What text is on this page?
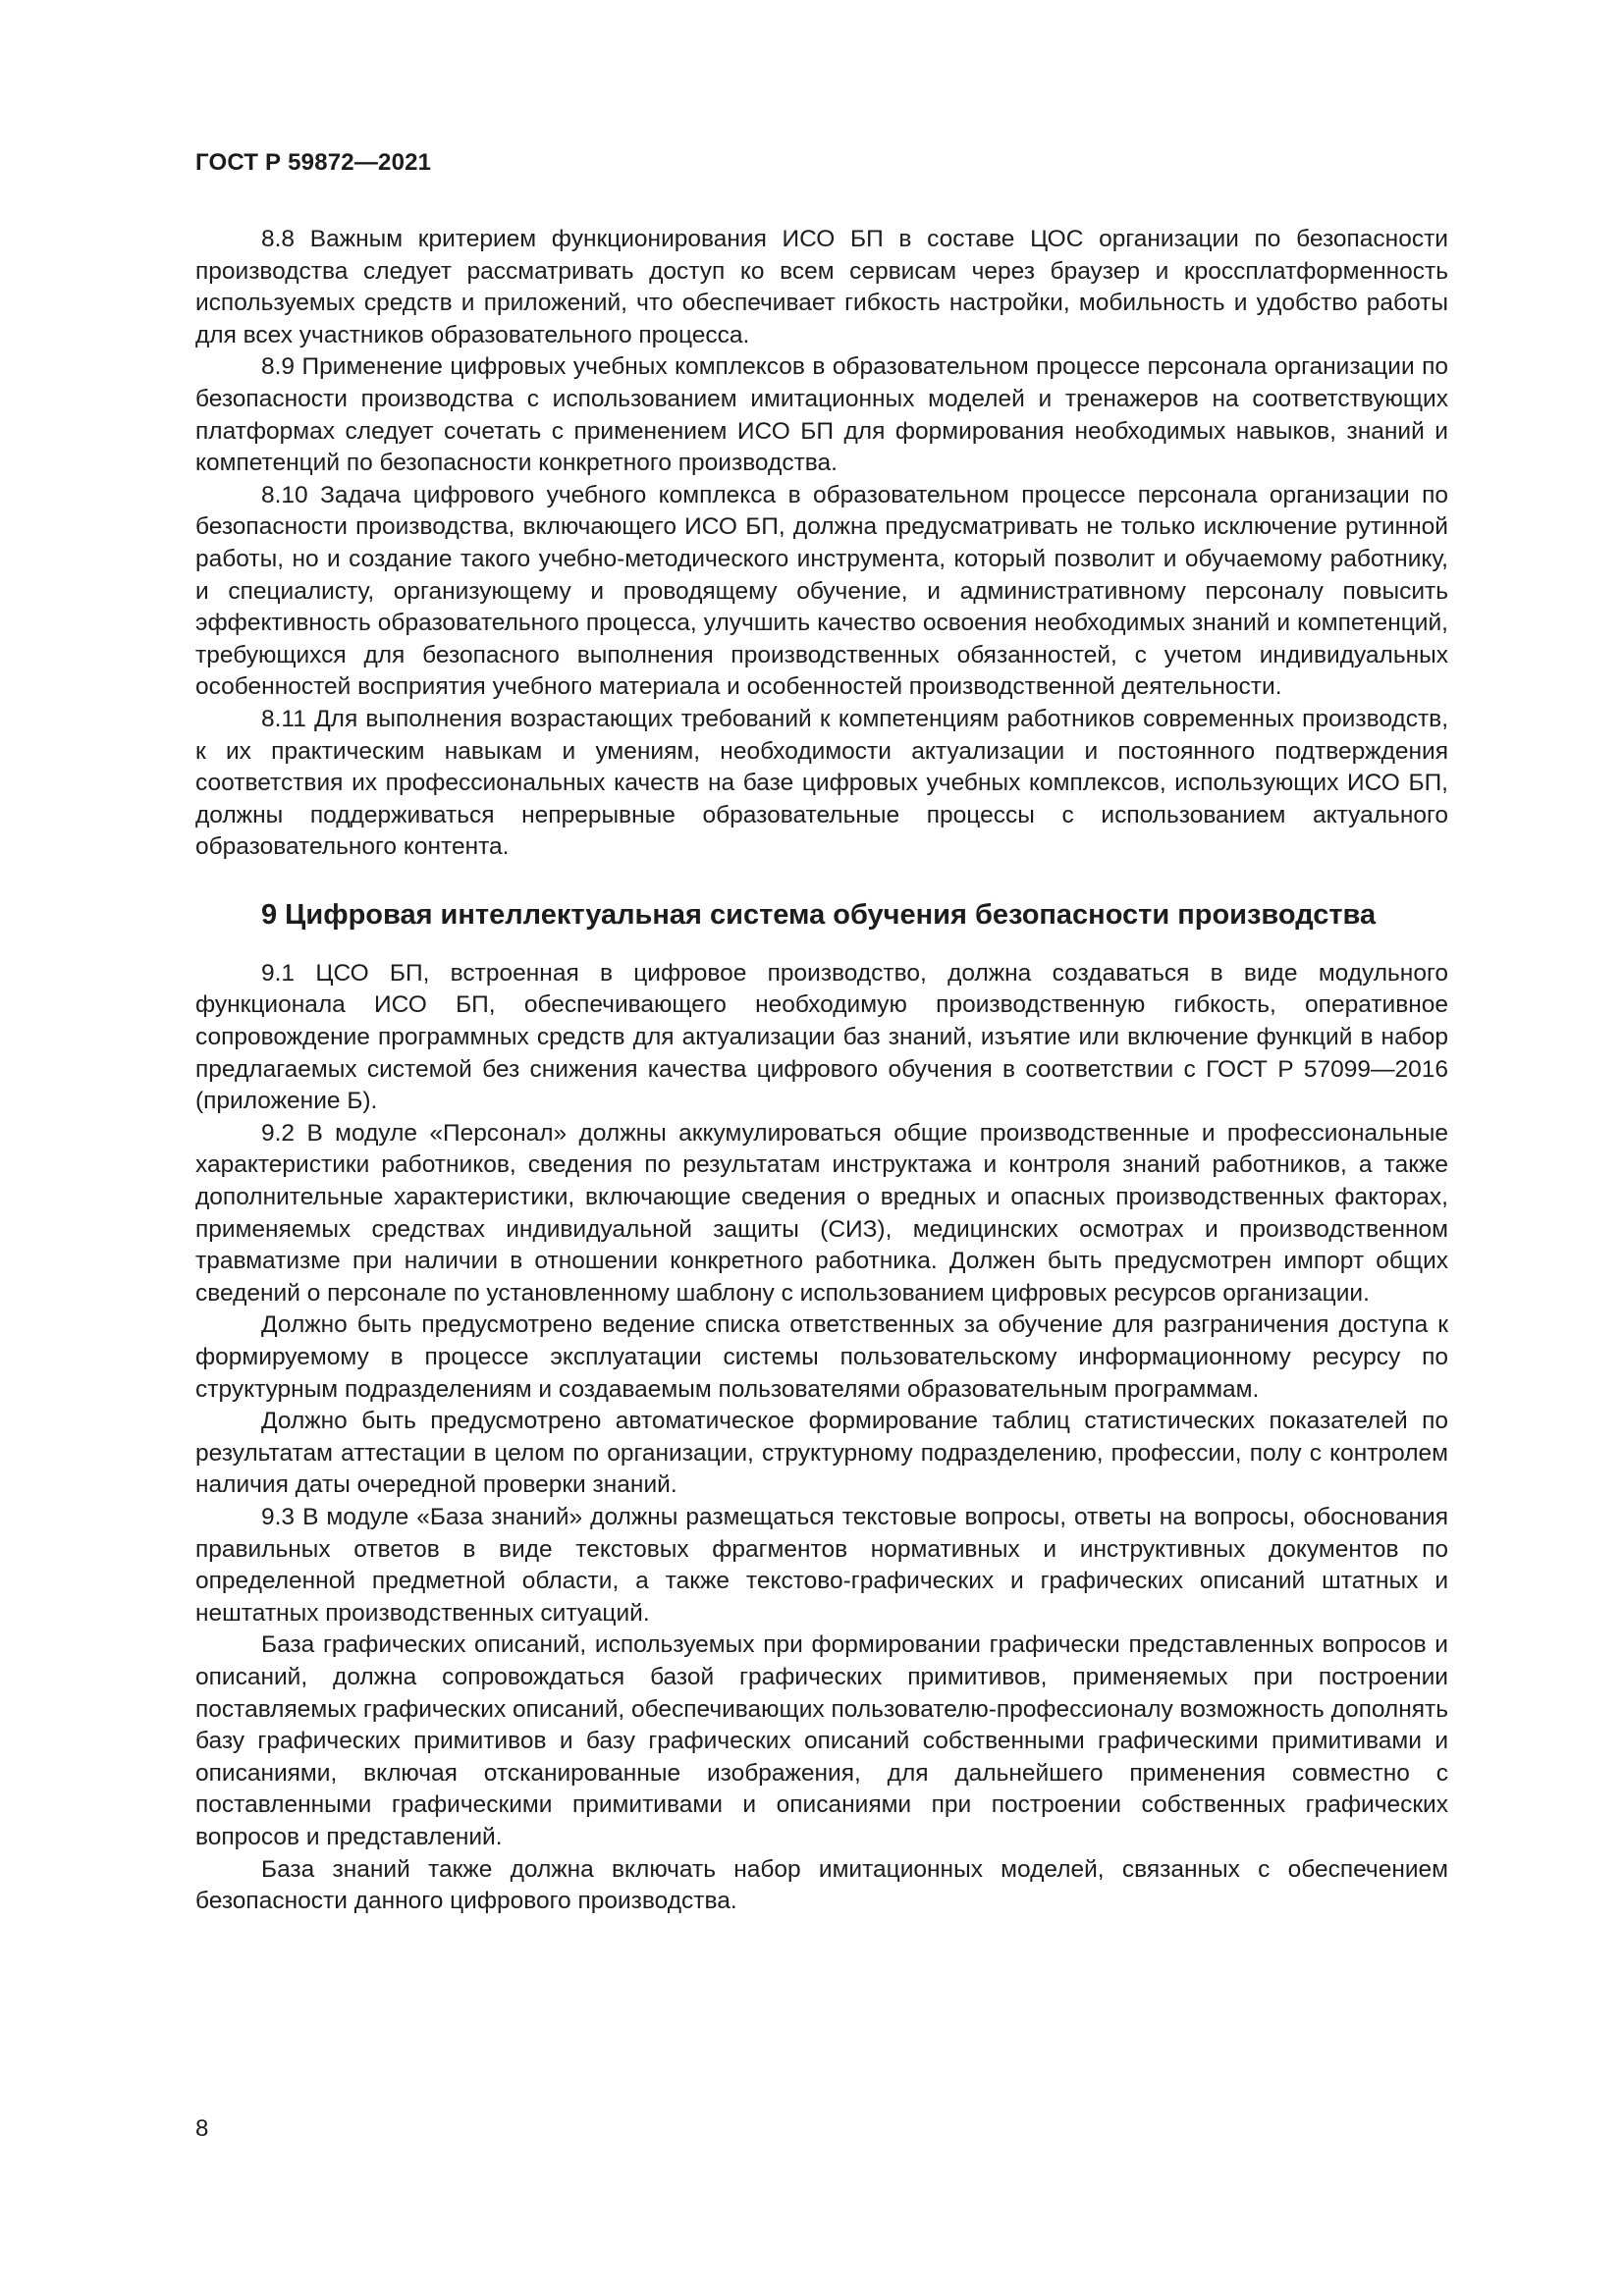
ГОСТ Р 59872—2021

8.8 Важным критерием функционирования ИСО БП в составе ЦОС организации по безопасности производства следует рассматривать доступ ко всем сервисам через браузер и кроссплатформенность используемых средств и приложений, что обеспечивает гибкость настройки, мобильность и удобство работы для всех участников образовательного процесса.

8.9 Применение цифровых учебных комплексов в образовательном процессе персонала организации по безопасности производства с использованием имитационных моделей и тренажеров на соответствующих платформах следует сочетать с применением ИСО БП для формирования необходимых навыков, знаний и компетенций по безопасности конкретного производства.

8.10 Задача цифрового учебного комплекса в образовательном процессе персонала организации по безопасности производства, включающего ИСО БП, должна предусматривать не только исключение рутинной работы, но и создание такого учебно-методического инструмента, который позволит и обучаемому работнику, и специалисту, организующему и проводящему обучение, и административному персоналу повысить эффективность образовательного процесса, улучшить качество освоения необходимых знаний и компетенций, требующихся для безопасного выполнения производственных обязанностей, с учетом индивидуальных особенностей восприятия учебного материала и особенностей производственной деятельности.

8.11 Для выполнения возрастающих требований к компетенциям работников современных производств, к их практическим навыкам и умениям, необходимости актуализации и постоянного подтверждения соответствия их профессиональных качеств на базе цифровых учебных комплексов, использующих ИСО БП, должны поддерживаться непрерывные образовательные процессы с использованием актуального образовательного контента.

9 Цифровая интеллектуальная система обучения безопасности производства

9.1 ЦСО БП, встроенная в цифровое производство, должна создаваться в виде модульного функционала ИСО БП, обеспечивающего необходимую производственную гибкость, оперативное сопровождение программных средств для актуализации баз знаний, изъятие или включение функций в набор предлагаемых системой без снижения качества цифрового обучения в соответствии с ГОСТ Р 57099—2016 (приложение Б).

9.2 В модуле «Персонал» должны аккумулироваться общие производственные и профессиональные характеристики работников, сведения по результатам инструктажа и контроля знаний работников, а также дополнительные характеристики, включающие сведения о вредных и опасных производственных факторах, применяемых средствах индивидуальной защиты (СИЗ), медицинских осмотрах и производственном травматизме при наличии в отношении конкретного работника. Должен быть предусмотрен импорт общих сведений о персонале по установленному шаблону с использованием цифровых ресурсов организации.

Должно быть предусмотрено ведение списка ответственных за обучение для разграничения доступа к формируемому в процессе эксплуатации системы пользовательскому информационному ресурсу по структурным подразделениям и создаваемым пользователями образовательным программам.

Должно быть предусмотрено автоматическое формирование таблиц статистических показателей по результатам аттестации в целом по организации, структурному подразделению, профессии, полу с контролем наличия даты очередной проверки знаний.

9.3 В модуле «База знаний» должны размещаться текстовые вопросы, ответы на вопросы, обоснования правильных ответов в виде текстовых фрагментов нормативных и инструктивных документов по определенной предметной области, а также текстово-графических и графических описаний штатных и нештатных производственных ситуаций.

База графических описаний, используемых при формировании графически представленных вопросов и описаний, должна сопровождаться базой графических примитивов, применяемых при построении поставляемых графических описаний, обеспечивающих пользователю-профессионалу возможность дополнять базу графических примитивов и базу графических описаний собственными графическими примитивами и описаниями, включая отсканированные изображения, для дальнейшего применения совместно с поставленными графическими примитивами и описаниями при построении собственных графических вопросов и представлений.

База знаний также должна включать набор имитационных моделей, связанных с обеспечением безопасности данного цифрового производства.

8
